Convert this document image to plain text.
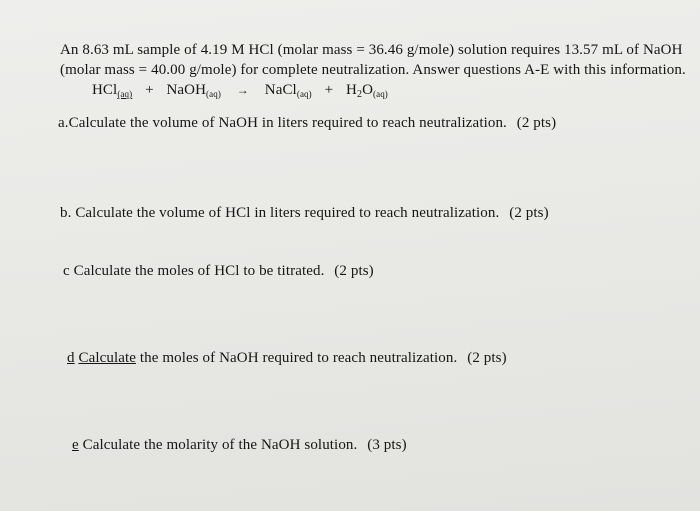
An 8.63 mL sample of 4.19 M HCl (molar mass = 36.46 g/mole) solution requires 13.57 mL of NaOH
(molar mass = 40.00 g/mole) for complete neutralization. Answer questions A-E with this information.
HCl$_{(aq)}$ + NaOH$_{(aq)}$ → NaCl$_{(aq)}$ + $H_2O_{(aq)}$
a.Calculate the volume of NaOH in liters required to reach neutralization. (2 pts)
b. Calculate the volume of HCl in liters required to reach neutralization. (2 pts)
c Calculate the moles of HCl to be titrated. (2 pts)
d Calculate the moles of NaOH required to reach neutralization. (2 pts)
e Calculate the molarity of the NaOH solution. (3 pts)
